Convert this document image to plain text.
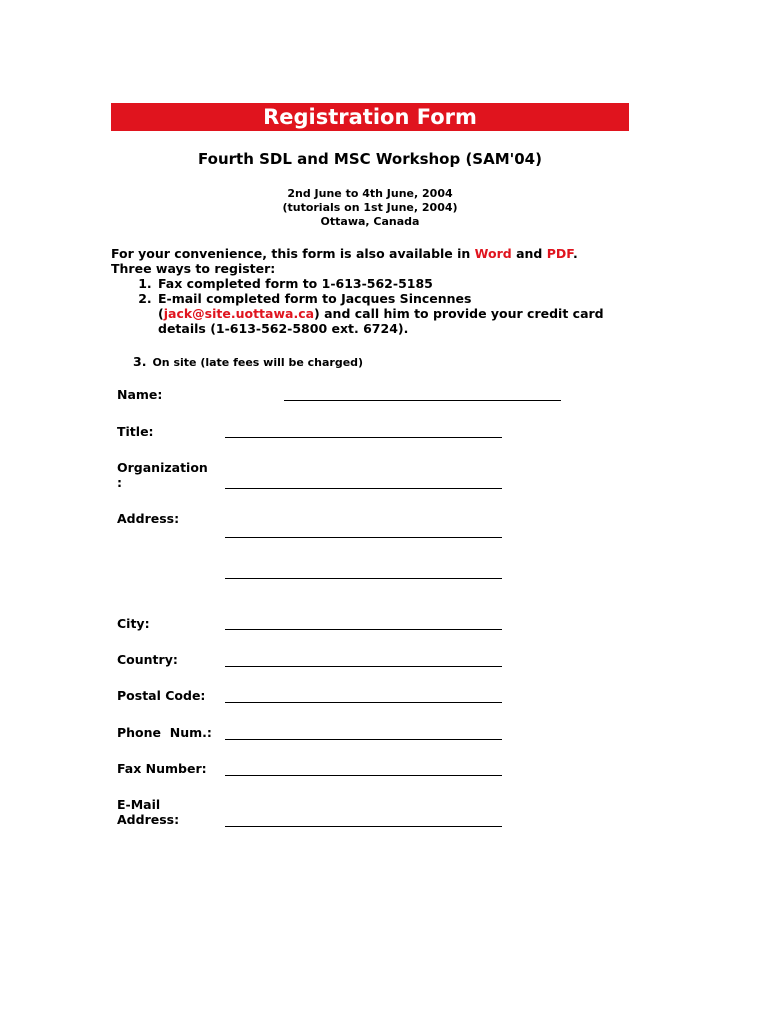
Registration Form
Fourth SDL and MSC Workshop (SAM'04)
2nd June to 4th June, 2004
(tutorials on 1st June, 2004)
Ottawa, Canada
For your convenience, this form is also available in Word and PDF.
Three ways to register:
1. Fax completed form to 1-613-562-5185
2. E-mail completed form to Jacques Sincennes (jack@site.uottawa.ca) and call him to provide your credit card details (1-613-562-5800 ext. 6724).
3. On site (late fees will be charged)
Name:
Title:
Organization
:
Address:
City:
Country:
Postal Code:
Phone  Num.:
Fax Number:
E-Mail
Address:
